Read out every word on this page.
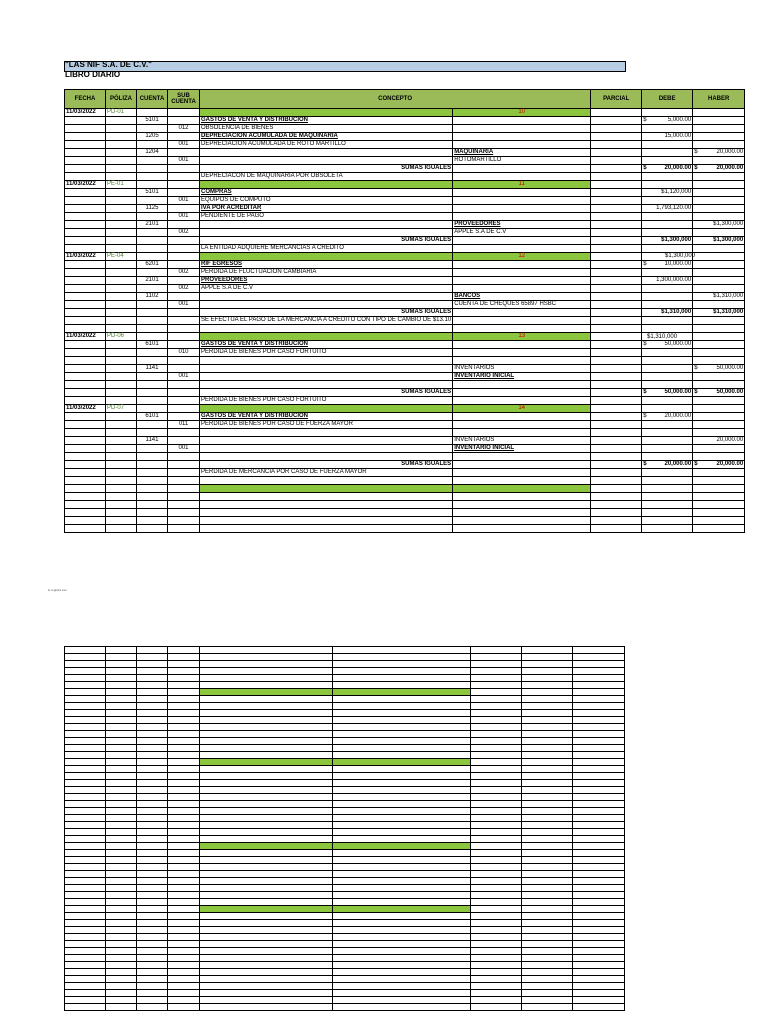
"LAS NIF S.A. DE C.V."
LIBRO DIARIO
FECHA	PÓLIZA	CUENTA	SUB CUENTA	CONCEPTO		PARCIAL	DEBE	HABER
11/03/2022	PD-01				10			
		5101		GASTOS DE VENTA Y DISTRIBUCION			$ 5,000.00	

			012	OBSOLENCIA DE BIENES				
		1205		DEPRECIACION ACUMULADA DE MAQUINARIA			15,000.00	

			001	DEPRECIACION ACUMULADA DE ROTO MARTILLO				
		1204			MAQUINARIA			$ 20,000.00

			001		ROTOMARTILLO			
				SUMAS IGUALES			$ 20,000.00	$ 20,000.00

				DEPRECIACON DE MAQUINARIA POR OBSOLETA				
11/03/2022	PE-01				11			
		5101		COMPRAS			$1,120,000	

			001	EQUIPOS DE COMPUTO				
		1125		IVA POR ACREDITAR			1,793,120.00	

			001	PENDIENTE DE PAGO				
		2101			PROVEEDORES			$1,300,000

			002		APPLE S.A DE C.V			
				SUMAS IGUALES			$1,300,000	$1,300,000

				LA ENTIDAD ADQUIERE MERCANCIAS A CREDITO				
11/03/2022	PE-04				12			
		6201		RIF EGRESOS			$ 10,000.00	

			002	PERDIDA DE FLUCTUACION CAMBIARIA				
		2101		PROVEEDORES			1,300,000.00	

			002	APPLE S.A DE C.V				
		1102			BANCOS			$1,310,000

			001		CUENTA DE CHEQUES 65897 HSBC			
				SUMAS IGUALES			$1,310,000	$1,310,000

				SE EFECTUA EL PAGO DE LA MERCANCIA A CREDITO CON TIPO DE CAMBIO DE $13.10				

11/03/2022	PD-06				13			
		6101		GASTOS DE VENTA Y DISTRIBUCION			$ 50,000.00	

			010	PERDIDA DE BIENES POR CASO FORTUITO				

		1141			INVENTARIOS			$ 50,000.00

			001		INVENTARIO INICIAL			

				SUMAS IGUALES			$ 50,000.00	$ 50,000.00

				PERDIDA DE BIENES POR CASO FORTUITO				
11/03/2022	PD-07				14			
		6101		GASTOS DE VENTA Y DISTRIBUCION			$ 20,000.00	

			011	PERDIDA DE BIENES POR CASO DE FUERZA MAYOR				

		1141			INVENTARIOS			20,000.00

			001		INVENTARIO INICIAL			

				SUMAS IGUALES			$ 20,000.00	$ 20,000.00

				PERDIDA DE MERCANCIA POR CASO DE FUERZA MAYOR				

$1,300,000
$1,310,000
le registra Asc
